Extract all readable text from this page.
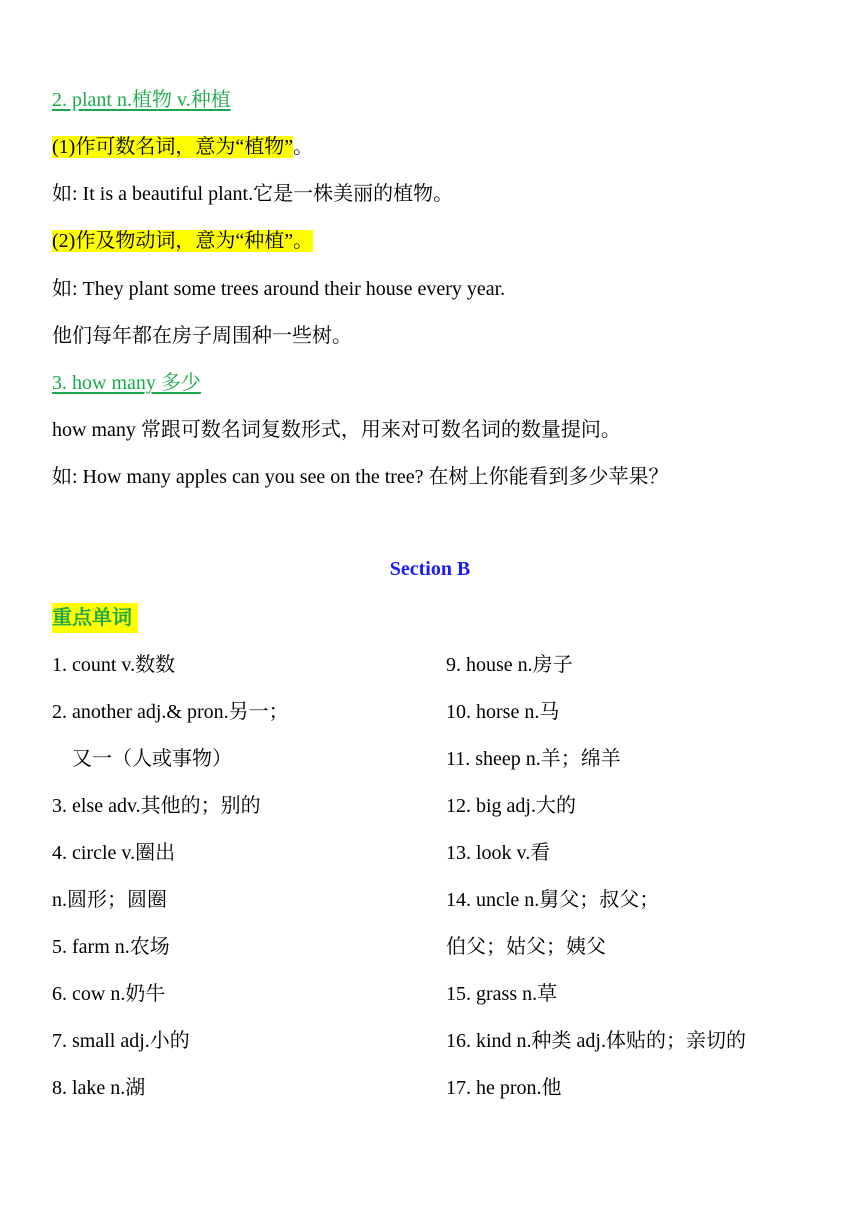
2. plant n.植物 v.种植
(1)作可数名词，意为“植物”。
如: It is a beautiful plant.它是一株美丽的植物。
(2)作及物动词，意为“种植”。
如: They plant some trees around their house every year.
他们每年都在房子周围种一些树。
3. how many 多少
how many 常跟可数名词复数形式，用来对可数名词的数量提问。
如: How many apples can you see on the tree? 在树上你能看到多少苹果？
Section B
重点单词
1. count v.数数
2. another adj.& pron.另一；
又一（人或事物）
3. else adv.其他的；别的
4. circle v.圈出
n.圆形；圆圈
5. farm n.农场
6. cow n.奶牛
7. small adj.小的
8. lake n.湖
9. house n.房子
10. horse n.马
11. sheep n.羊；绵羊
12. big adj.大的
13. look v.看
14. uncle n.舅父；叔父；
伯父；姑父；姨父
15. grass n.草
16. kind n.种类 adj.体贴的；亲切的
17. he pron.他
